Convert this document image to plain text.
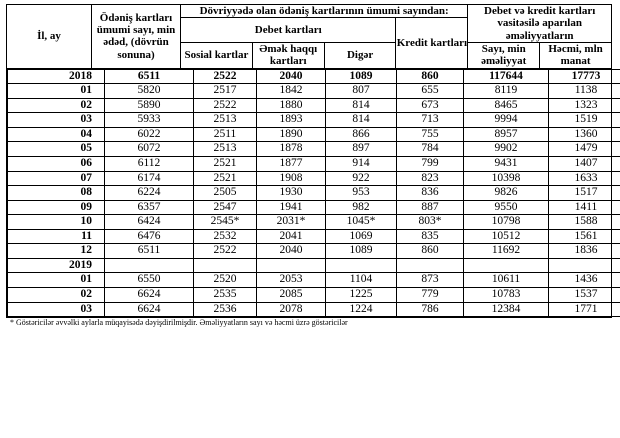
İl, ay	Ödəniş kartları ümumi sayı, min ədəd, (dövrün sonuna)	Dövriyyədə olan ödəniş kartlarının ümumi sayından:				Debet və kredit kartları vasitəsilə aparılan əməliyyatların	
		Debet kartları			Kredit kartları		
		Sosial kartlar	Əmək haqqı kartları	Digər		Sayı, min əməliyyat	Həcmi, mln manat
2018	6511	2522	2040	1089	860	117644	17773
01	5820	2517	1842	807	655	8119	1138
02	5890	2522	1880	814	673	8465	1323
03	5933	2513	1893	814	713	9994	1519
04	6022	2511	1890	866	755	8957	1360
05	6072	2513	1878	897	784	9902	1479
06	6112	2521	1877	914	799	9431	1407
07	6174	2521	1908	922	823	10398	1633
08	6224	2505	1930	953	836	9826	1517
09	6357	2547	1941	982	887	9550	1411
10	6424	2545*	2031*	1045*	803*	10798	1588
11	6476	2532	2041	1069	835	10512	1561
12	6511	2522	2040	1089	860	11692	1836
2019							
01	6550	2520	2053	1104	873	10611	1436
02	6624	2535	2085	1225	779	10783	1537
03	6624	2536	2078	1224	786	12384	1771
* Göstəricilər əvvəlki aylarla müqayisədə dəyişdirilmişdir. Əməliyyatların sayı və həcmi üzrə göstəricilər
